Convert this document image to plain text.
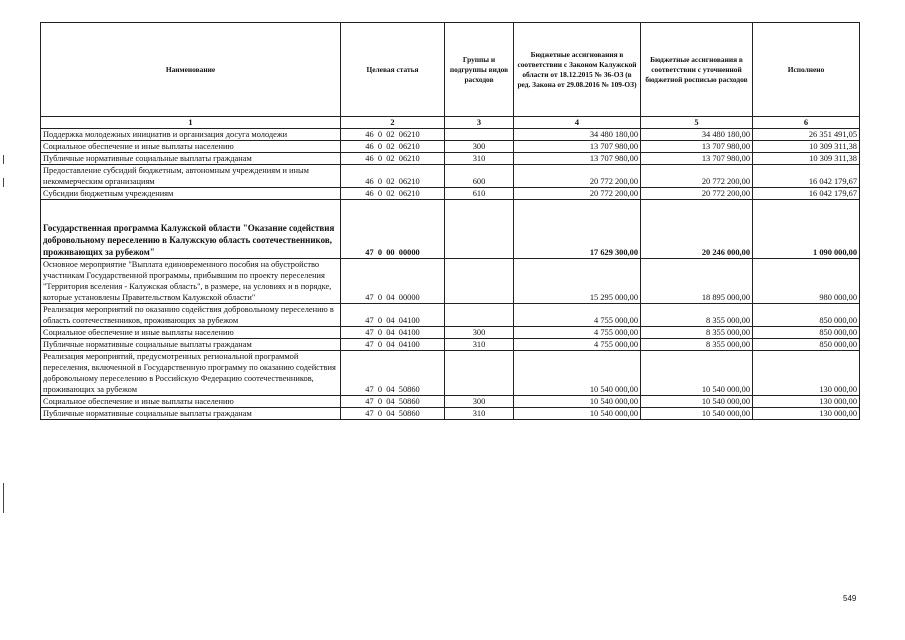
Наименование	Целевая статья	Группы и подгруппы видов расходов	Бюджетные ассигнования в соответствии с Законом Калужской области от 18.12.2015 № 36-ОЗ (в ред. Закона от 29.08.2016 № 109-ОЗ)	Бюджетные ассигнования в соответствии с уточненной бюджетной росписью расходов	Исполнено
1	2	3	4	5	6
Поддержка молодежных инициатив и организация досуга молодежи	46  0  02  06210		34 480 180,00	34 480 180,00	26 351 491,05
Социальное обеспечение и иные выплаты населению	46  0  02  06210	300	13 707 980,00	13 707 980,00	10 309 311,38
Публичные нормативные социальные выплаты гражданам	46  0  02  06210	310	13 707 980,00	13 707 980,00	10 309 311,38
Предоставление субсидий бюджетным, автономным учреждениям и иным некоммерческим организациям	46  0  02  06210	600	20 772 200,00	20 772 200,00	16 042 179,67
Субсидии бюджетным учреждениям	46  0  02  06210	610	20 772 200,00	20 772 200,00	16 042 179,67
Государственная программа Калужской области "Оказание содействия добровольному переселению в Калужскую область соотечественников, проживающих за рубежом"	47  0  00  00000		17 629 300,00	20 246 000,00	1 090 000,00
Основное мероприятие "Выплата единовременного пособия на обустройство участникам Государственной программы, прибывшим по проекту переселения "Территория вселения - Калужская область", в размере, на условиях и в порядке, которые установлены Правительством Калужской области"	47  0  04  00000		15 295 000,00	18 895 000,00	980 000,00
Реализация мероприятий по оказанию содействия добровольному переселению в область соотечественников, проживающих за рубежом	47  0  04  04100		4 755 000,00	8 355 000,00	850 000,00
Социальное обеспечение и иные выплаты населению	47  0  04  04100	300	4 755 000,00	8 355 000,00	850 000,00
Публичные нормативные социальные выплаты гражданам	47  0  04  04100	310	4 755 000,00	8 355 000,00	850 000,00
Реализация мероприятий, предусмотренных региональной программой переселения, включенной в Государственную программу по оказанию содействия добровольному переселению в Российскую Федерацию соотечественников, проживающих за рубежом	47  0  04  50860		10 540 000,00	10 540 000,00	130 000,00
Социальное обеспечение и иные выплаты населению	47  0  04  50860	300	10 540 000,00	10 540 000,00	130 000,00
Публичные нормативные социальные выплаты гражданам	47  0  04  50860	310	10 540 000,00	10 540 000,00	130 000,00
549
